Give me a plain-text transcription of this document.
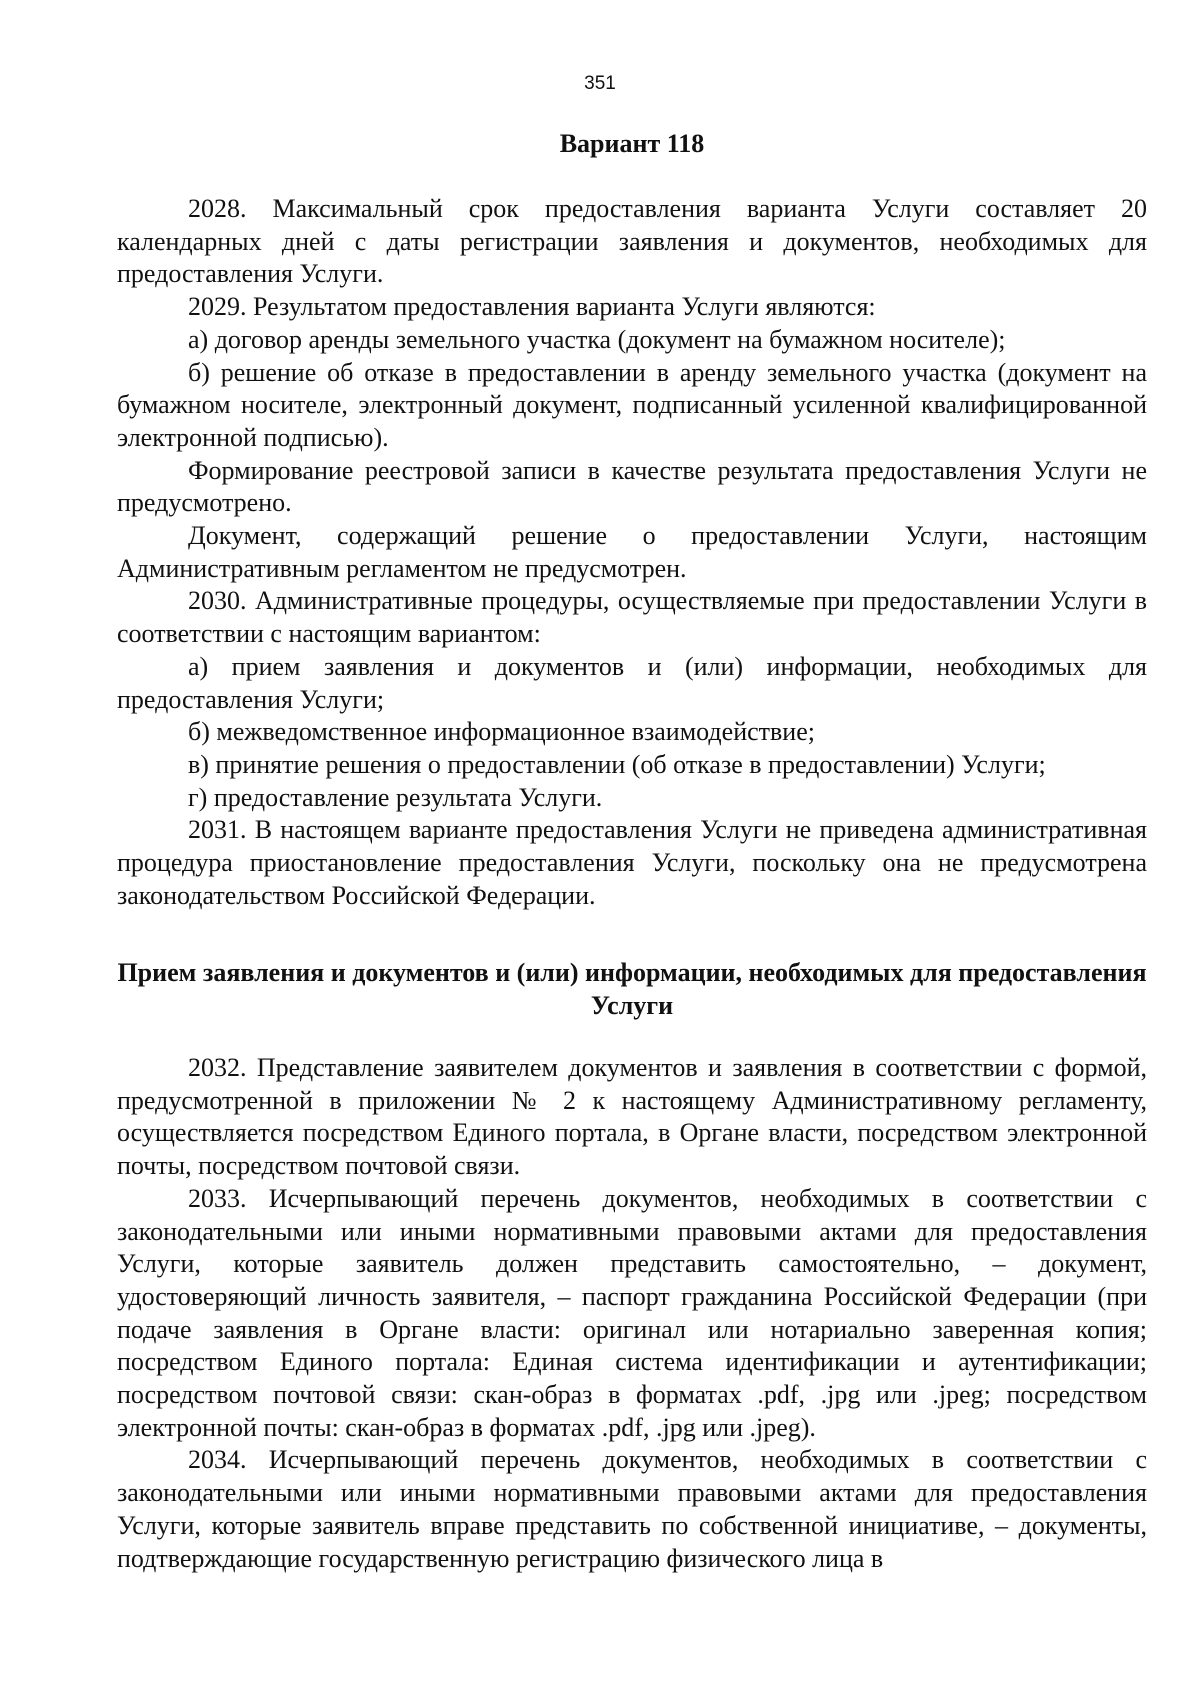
351
Вариант 118

2028. Максимальный срок предоставления варианта Услуги составляет 20 календарных дней с даты регистрации заявления и документов, необходимых для предоставления Услуги.

2029. Результатом предоставления варианта Услуги являются:

а) договор аренды земельного участка (документ на бумажном носителе);

б) решение об отказе в предоставлении в аренду земельного участка (документ на бумажном носителе, электронный документ, подписанный усиленной квалифицированной электронной подписью).

Формирование реестровой записи в качестве результата предоставления Услуги не предусмотрено.

Документ, содержащий решение о предоставлении Услуги, настоящим Административным регламентом не предусмотрен.

2030. Административные процедуры, осуществляемые при предоставлении Услуги в соответствии с настоящим вариантом:

а) прием заявления и документов и (или) информации, необходимых для предоставления Услуги;

б) межведомственное информационное взаимодействие;

в) принятие решения о предоставлении (об отказе в предоставлении) Услуги;

г) предоставление результата Услуги.

2031. В настоящем варианте предоставления Услуги не приведена административная процедура приостановление предоставления Услуги, поскольку она не предусмотрена законодательством Российской Федерации.

Прием заявления и документов и (или) информации, необходимых для предоставления Услуги

2032. Представление заявителем документов и заявления в соответствии с формой, предусмотренной в приложении № 2 к настоящему Административному регламенту, осуществляется посредством Единого портала, в Органе власти, посредством электронной почты, посредством почтовой связи.

2033. Исчерпывающий перечень документов, необходимых в соответствии с законодательными или иными нормативными правовыми актами для предоставления Услуги, которые заявитель должен представить самостоятельно, – документ, удостоверяющий личность заявителя, – паспорт гражданина Российской Федерации (при подаче заявления в Органе власти: оригинал или нотариально заверенная копия; посредством Единого портала: Единая система идентификации и аутентификации; посредством почтовой связи: скан-образ в форматах .pdf, .jpg или .jpeg; посредством электронной почты: скан-образ в форматах .pdf, .jpg или .jpeg).

2034. Исчерпывающий перечень документов, необходимых в соответствии с законодательными или иными нормативными правовыми актами для предоставления Услуги, которые заявитель вправе представить по собственной инициативе, – документы, подтверждающие государственную регистрацию физического лица в
